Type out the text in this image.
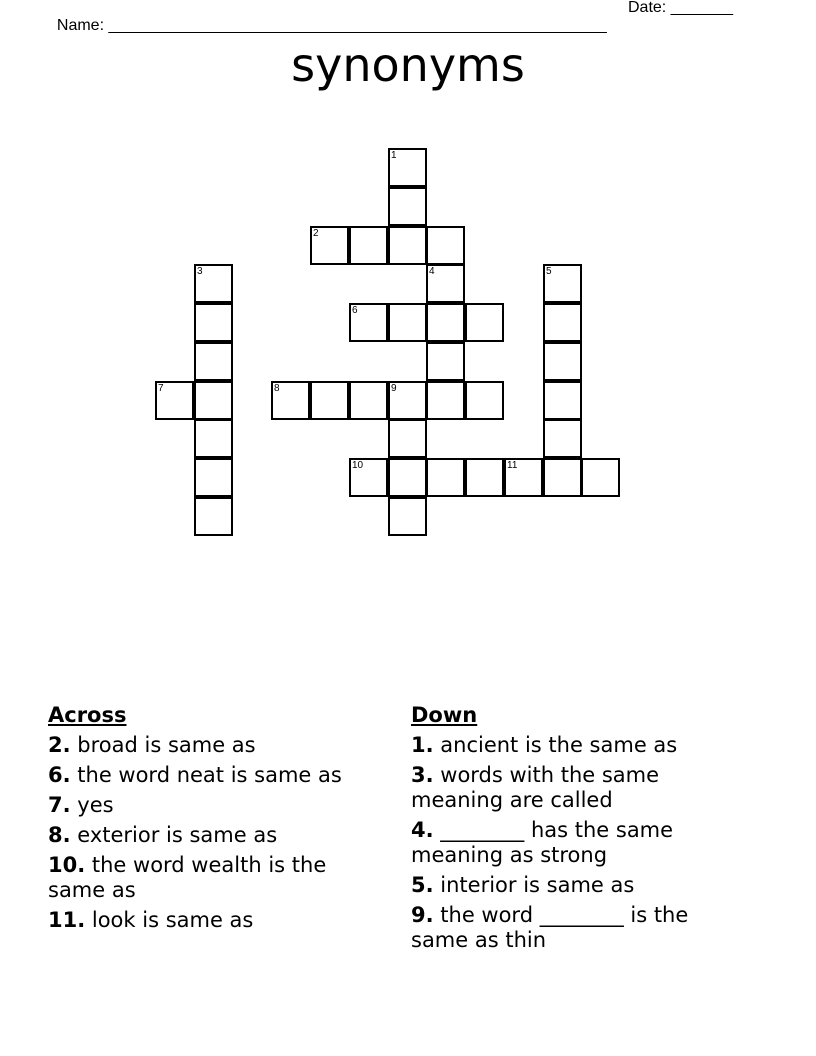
Name: ________________________________________________________

Date: _______

synonyms
1
2
3	4	5
6
7	8	9
10	11
Across
2. broad is same as
6. the word neat is same as
7. yes
8. exterior is same as
10. the word wealth is the same as
11. look is same as
Down
1. ancient is the same as
3. words with the same meaning are called
4. ________ has the same meaning as strong
5. interior is same as
9. the word ________ is the same as thin
